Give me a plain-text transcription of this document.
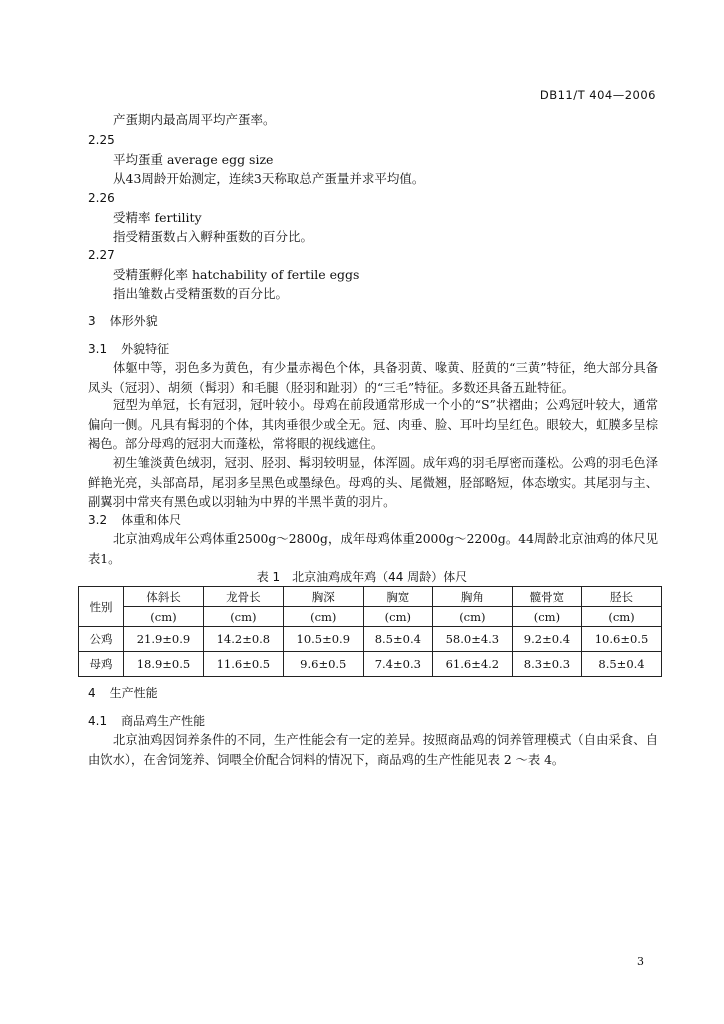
DB11/T 404—2006
产蛋期内最高周平均产蛋率。
2.25
平均蛋重 average egg size
从43周龄开始测定，连续3天称取总产蛋量并求平均值。
2.26
受精率 fertility
指受精蛋数占入孵种蛋数的百分比。
2.27
受精蛋孵化率 hatchability of fertile eggs
指出雏数占受精蛋数的百分比。
3 体形外貌
3.1 外貌特征
体躯中等，羽色多为黄色，有少量赤褐色个体，具备羽黄、喙黄、胫黄的“三黄”特征，绝大部分具备凤头（冠羽）、胡须（髯羽）和毛腿（胫羽和趾羽）的“三毛”特征。多数还具备五趾特征。
冠型为单冠，长有冠羽，冠叶较小。母鸡在前段通常形成一个小的“S”状褶曲；公鸡冠叶较大，通常偏向一侧。凡具有髯羽的个体，其肉垂很少或全无。冠、肉垂、脸、耳叶均呈红色。眼较大，虹膜多呈棕褐色。部分母鸡的冠羽大而蓬松，常将眼的视线遮住。
初生雏淡黄色绒羽，冠羽、胫羽、髯羽较明显，体浑圆。成年鸡的羽毛厚密而蓬松。公鸡的羽毛色泽鲜艳光亮，头部高昂，尾羽多呈黑色或墨绿色。母鸡的头、尾微翘，胫部略短，体态墩实。其尾羽与主、副翼羽中常夹有黑色或以羽轴为中界的半黑半黄的羽片。
3.2 体重和体尺
北京油鸡成年公鸡体重2500g～2800g，成年母鸡体重2000g～2200g。44周龄北京油鸡的体尺见表1。
表 1　北京油鸡成年鸡（44 周龄）体尺
性别	体斜长	龙骨长	胸深	胸宽	胸角	髋骨宽	胫长
	(cm)	(cm)	(cm)	(cm)	(cm)	(cm)	(cm)
公鸡	21.9±0.9	14.2±0.8	10.5±0.9	8.5±0.4	58.0±4.3	9.2±0.4	10.6±0.5
母鸡	18.9±0.5	11.6±0.5	9.6±0.5	7.4±0.3	61.6±4.2	8.3±0.3	8.5±0.4
4 生产性能
4.1 商品鸡生产性能
北京油鸡因饲养条件的不同，生产性能会有一定的差异。按照商品鸡的饲养管理模式（自由采食、自由饮水），在舍饲笼养、饲喂全价配合饲料的情况下，商品鸡的生产性能见表 2 ～表 4。
3
